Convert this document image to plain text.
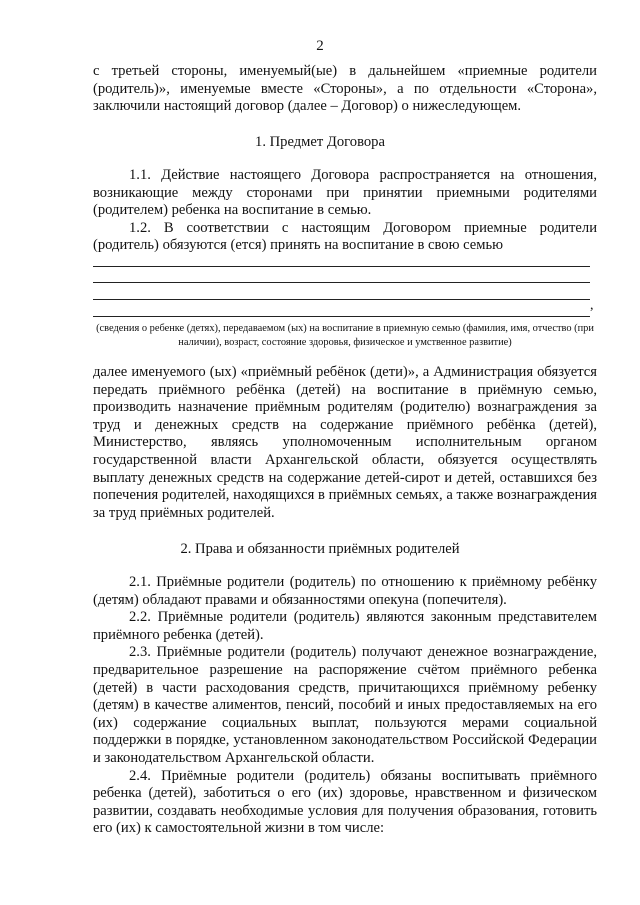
2
с третьей стороны, именуемый(ые) в дальнейшем «приемные родители (родитель)», именуемые вместе «Стороны», а по отдельности «Сторона», заключили настоящий договор (далее – Договор) о нижеследующем.
1. Предмет Договора

1.1. Действие настоящего Договора распространяется на отношения, возникающие между сторонами при принятии приемными родителями (родителем) ребенка на воспитание в семью.

1.2. В соответствии с настоящим Договором приемные родители (родитель) обязуются (ется) принять на воспитание в свою семью

,
(сведения о ребенке (детях), передаваемом (ых) на воспитание в приемную семью (фамилия, имя, отчество (при наличии), возраст, состояние здоровья, физическое и умственное развитие)
далее именуемого (ых) «приёмный ребёнок (дети)», а Администрация обязуется передать приёмного ребёнка (детей) на воспитание в приёмную семью, производить назначение приёмным родителям (родителю) вознаграждения за труд и денежных средств на содержание приёмного ребёнка (детей), Министерство, являясь уполномоченным исполнительным органом государственной власти Архангельской области, обязуется осуществлять выплату денежных средств на содержание детей-сирот и детей, оставшихся без попечения родителей, находящихся в приёмных семьях, а также вознаграждения за труд приёмных родителей.
2. Права и обязанности приёмных родителей

2.1. Приёмные родители (родитель) по отношению к приёмному ребёнку (детям) обладают правами и обязанностями опекуна (попечителя).

2.2. Приёмные родители (родитель) являются законным представителем приёмного ребенка (детей).

2.3. Приёмные родители (родитель) получают денежное вознаграждение, предварительное разрешение на распоряжение счётом приёмного ребенка (детей) в части расходования средств, причитающихся приёмному ребенку (детям) в качестве алиментов, пенсий, пособий и иных предоставляемых на его (их) содержание социальных выплат, пользуются мерами социальной поддержки в порядке, установленном законодательством Российской Федерации и законодательством Архангельской области.

2.4. Приёмные родители (родитель) обязаны воспитывать приёмного ребенка (детей), заботиться о его (их) здоровье, нравственном и физическом развитии, создавать необходимые условия для получения образования, готовить его (их) к самостоятельной жизни в том числе:
